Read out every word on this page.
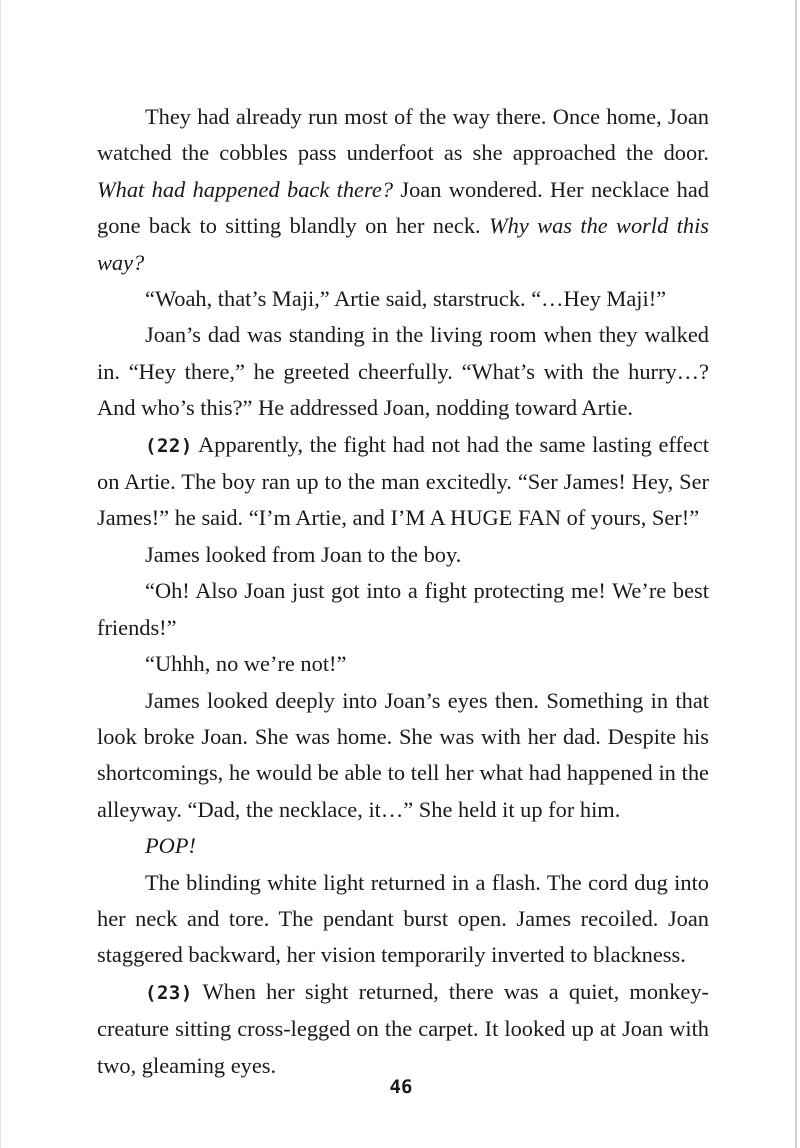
They had already run most of the way there. Once home, Joan watched the cobbles pass underfoot as she approached the door. What had happened back there? Joan wondered. Her necklace had gone back to sitting blandly on her neck. Why was the world this way?

“Woah, that’s Maji,” Artie said, starstruck. “…Hey Maji!”

Joan’s dad was standing in the living room when they walked in. “Hey there,” he greeted cheerfully. “What’s with the hurry…? And who’s this?” He addressed Joan, nodding toward Artie.

(22) Apparently, the fight had not had the same lasting effect on Artie. The boy ran up to the man excitedly. “Ser James! Hey, Ser James!” he said. “I’m Artie, and I’M A HUGE FAN of yours, Ser!”

James looked from Joan to the boy.

“Oh! Also Joan just got into a fight protecting me! We’re best friends!”

“Uhhh, no we’re not!”

James looked deeply into Joan’s eyes then. Something in that look broke Joan. She was home. She was with her dad. Despite his shortcomings, he would be able to tell her what had happened in the alleyway. “Dad, the necklace, it…” She held it up for him.

POP!

The blinding white light returned in a flash. The cord dug into her neck and tore. The pendant burst open. James recoiled. Joan staggered backward, her vision temporarily inverted to blackness.

(23) When her sight returned, there was a quiet, monkey-creature sitting cross-legged on the carpet. It looked up at Joan with two, gleaming eyes.

46
